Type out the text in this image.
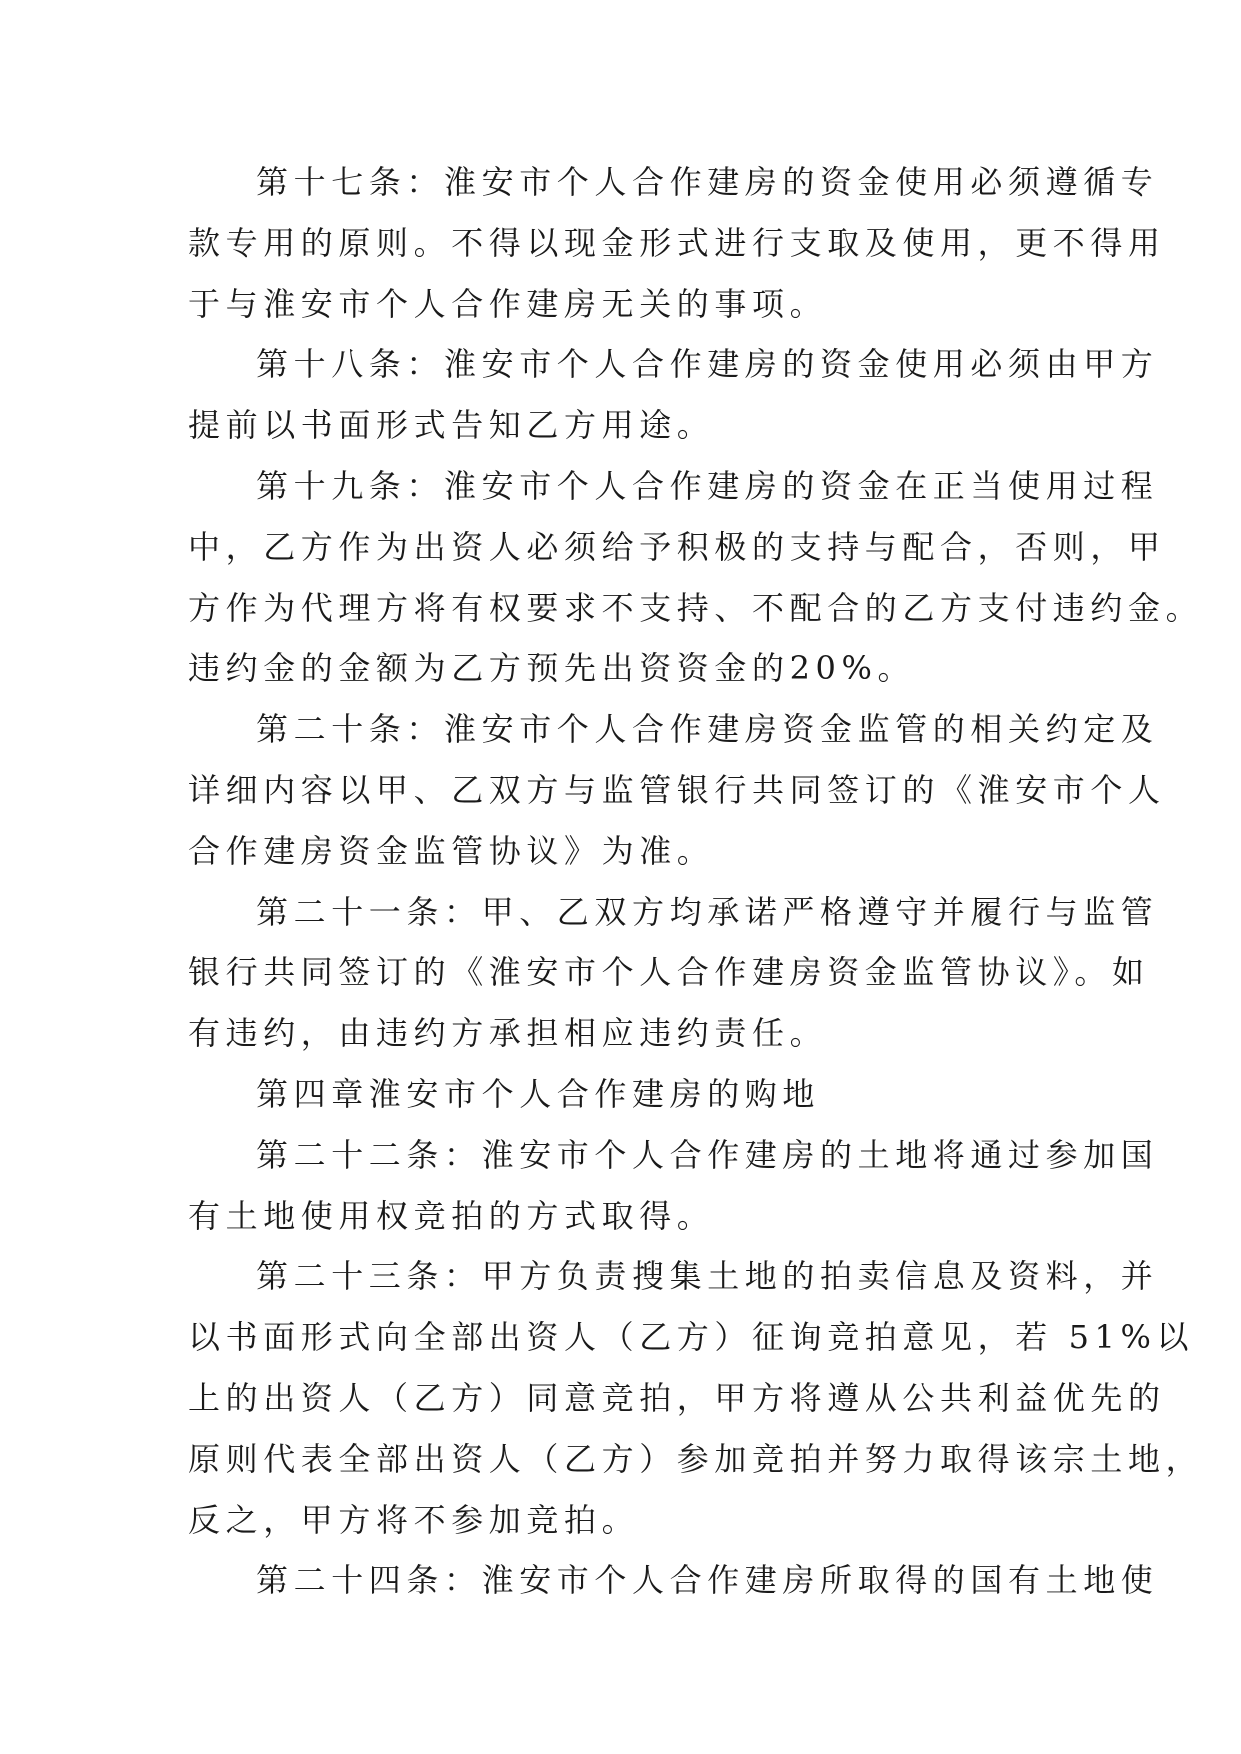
第十七条：淮安市个人合作建房的资金使用必须遵循专
款专用的原则。不得以现金形式进行支取及使用，更不得用
于与淮安市个人合作建房无关的事项。
第十八条：淮安市个人合作建房的资金使用必须由甲方
提前以书面形式告知乙方用途。
第十九条：淮安市个人合作建房的资金在正当使用过程
中，乙方作为出资人必须给予积极的支持与配合，否则，甲
方作为代理方将有权要求不支持、不配合的乙方支付违约金。
违约金的金额为乙方预先出资资金的20%。
第二十条：淮安市个人合作建房资金监管的相关约定及
详细内容以甲、乙双方与监管银行共同签订的《淮安市个人
合作建房资金监管协议》为准。
第二十一条：甲、乙双方均承诺严格遵守并履行与监管
银行共同签订的《淮安市个人合作建房资金监管协议》。如
有违约，由违约方承担相应违约责任。
第四章淮安市个人合作建房的购地
第二十二条：淮安市个人合作建房的土地将通过参加国
有土地使用权竞拍的方式取得。
第二十三条：甲方负责搜集土地的拍卖信息及资料，并
以书面形式向全部出资人（乙方）征询竞拍意见，若 51%以
上的出资人（乙方）同意竞拍，甲方将遵从公共利益优先的
原则代表全部出资人（乙方）参加竞拍并努力取得该宗土地，
反之，甲方将不参加竞拍。
第二十四条：淮安市个人合作建房所取得的国有土地使
